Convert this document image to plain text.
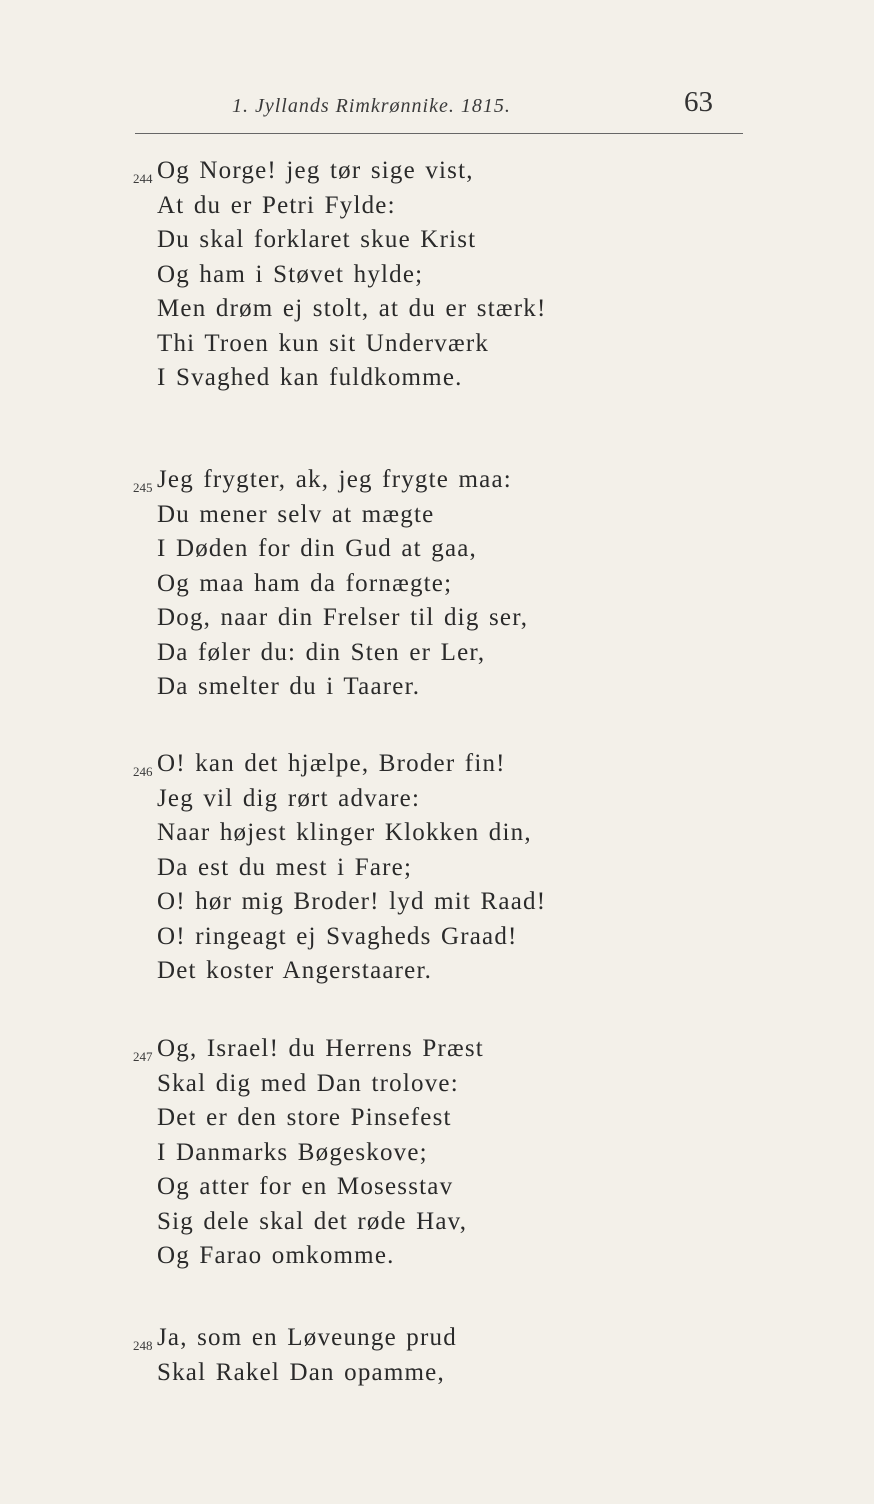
1. Jyllands Rimkrønnike. 1815.	63
244 Og Norge! jeg tør sige vist,
At du er Petri Fylde:
Du skal forklaret skue Krist
Og ham i Støvet hylde;
Men drøm ej stolt, at du er stærk!
Thi Troen kun sit Underværk
I Svaghed kan fuldkomme.
245 Jeg frygter, ak, jeg frygte maa:
Du mener selv at mægte
I Døden for din Gud at gaa,
Og maa ham da fornægte;
Dog, naar din Frelser til dig ser,
Da føler du: din Sten er Ler,
Da smelter du i Taarer.
246 O! kan det hjælpe, Broder fin!
Jeg vil dig rørt advare:
Naar højest klinger Klokken din,
Da est du mest i Fare;
O! hør mig Broder! lyd mit Raad!
O! ringeagt ej Svagheds Graad!
Det koster Angerstaarer.
247 Og, Israel! du Herrens Præst
Skal dig med Dan trolove:
Det er den store Pinsefest
I Danmarks Bøgeskove;
Og atter for en Mosesstav
Sig dele skal det røde Hav,
Og Farao omkomme.
248 Ja, som en Løveunge prud
Skal Rakel Dan opamme,
